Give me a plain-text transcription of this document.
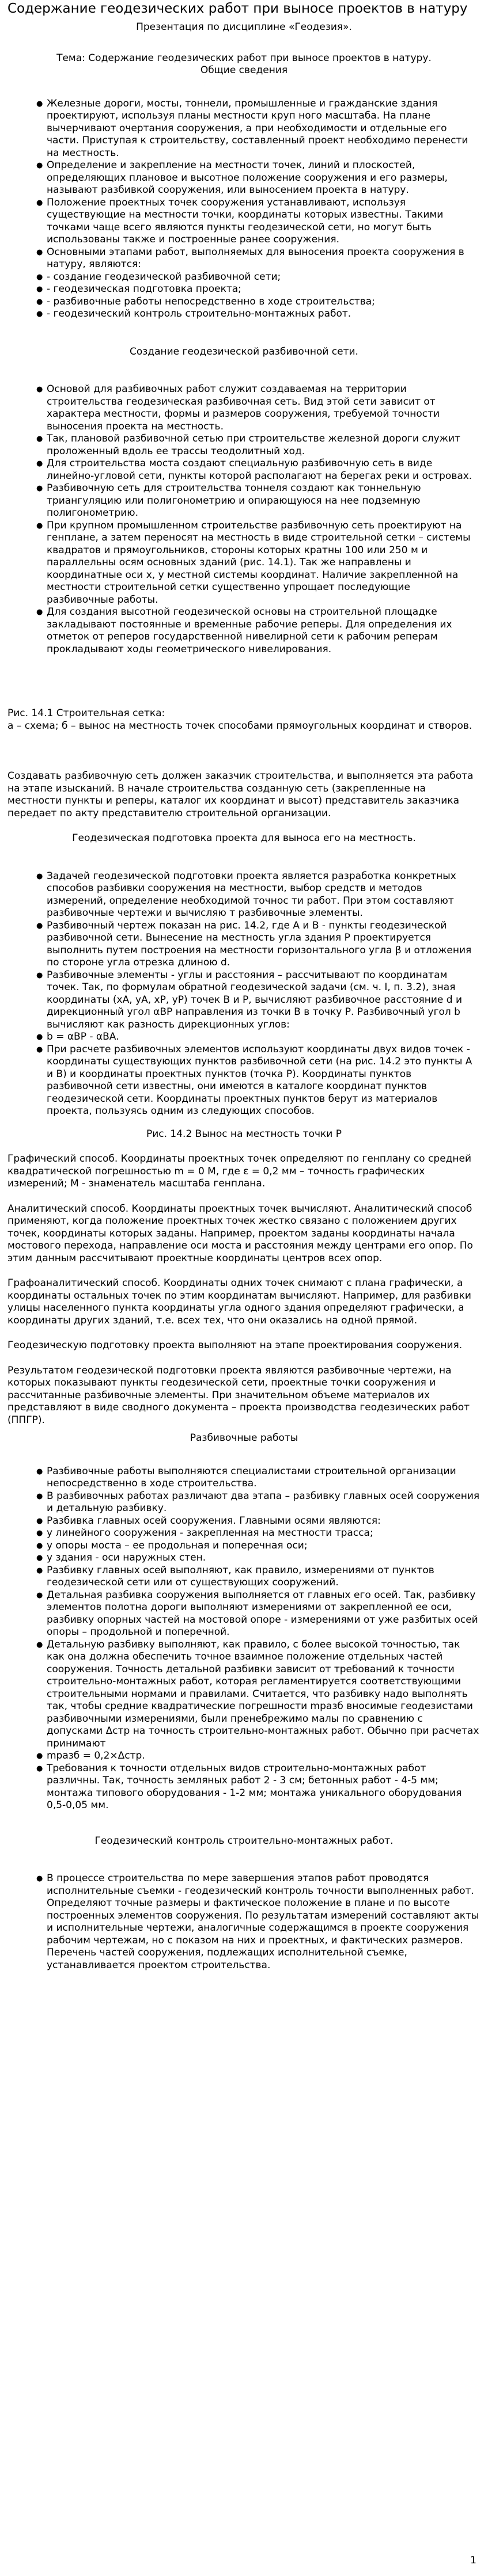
Содержание геодезических работ при выносе проектов в натуру

Презентация по дисциплине «Геодезия».

Тема: Содержание геодезических работ при выносе проектов в натуру.

Общие сведения

● Железные дороги, мосты, тоннели, промышленные и гражданские здания проектируют, используя планы местности круп ного масштаба. На плане вычерчивают очертания сооружения, а при необходимости и отдельные его части. Приступая к строительству, составленный проект необходимо перенести на местность.
● Определение и закрепление на местности точек, линий и плоскостей, определяющих плановое и высотное положение сооружения и его размеры, называют разбивкой сооружения, или выносением проекта в натуру.
● Положение проектных точек сооружения устанавливают, используя существующие на местности точки, координаты которых известны. Такими точками чаще всего являются пункты геодезической сети, но могут быть использованы также и построенные ранее сооружения.
● Основными этапами работ, выполняемых для выносения проекта сооружения в натуру, являются:
● - создание геодезической разбивочной сети;
● - геодезическая подготовка проекта;
● - разбивочные работы непосредственно в ходе строительства;
● - геодезический контроль строительно-монтажных работ.

Создание геодезической разбивочной сети.

● Основой для разбивочных работ служит создаваемая на территории строительства геодезическая разбивочная сеть. Вид этой сети зависит от характера местности, формы и размеров сооружения, требуемой точности выносения проекта на местность.
● Так, плановой разбивочной сетью при строительстве железной дороги служит проложенный вдоль ее трассы теодолитный ход.
● Для строительства моста создают специальную разбивочную сеть в виде линейно-угловой сети, пункты которой располагают на берегах реки и островах.
● Разбивочную сеть для строительства тоннеля создают как тоннельную триангуляцию или полигонометрию и опирающуюся на нее подземную полигонометрию.
● При крупном промышленном строительстве разбивочную сеть проектируют на генплане, а затем переносят на местность в виде строительной сетки – системы квадратов и прямоугольников, стороны которых кратны 100 или 250 м и параллельны осям основных зданий (рис. 14.1). Так же направлены и координатные оси x, у местной системы координат. Наличие закрепленной на местности строительной сетки существенно упрощает последующие разбивочные работы.
● Для создания высотной геодезической основы на строительной площадке закладывают постоянные и временные рабочие реперы. Для определения их отметок от реперов государственной нивелирной сети к рабочим реперам прокладывают ходы геометрического нивелирования.

Рис. 14.1 Строительная сетка:

а – схема; б – вынос на местность точек способами прямоугольных координат и створов.

Создавать разбивочную сеть должен заказчик строительства, и выполняется эта работа на этапе изысканий. В начале строительства созданную сеть (закрепленные на местности пункты и реперы, каталог их координат и высот) представитель заказчика передает по акту представителю строительной организации.

Геодезическая подготовка проекта для выноса его на местность.

● Задачей геодезической подготовки проекта является разработка конкретных способов разбивки сооружения на местности, выбор средств и методов измерений, определение необходимой точнос ти работ. При этом составляют разбивочные чертежи и вычисляю т разбивочные элементы.
● Разбивочный чертеж показан на рис. 14.2, где А и В - пункты геодезической разбивочной сети. Вынесение на местность угла здания Р проектируется выполнить путем построения на местности горизонтального угла β и отложения по стороне угла отрезка длиною d.
● Разбивочные элементы - углы и расстояния – рассчитывают по координатам точек. Так, по формулам обратной геодезической задачи (см. ч. I, п. 3.2), зная координаты (xA, yA, xP, yP) точек В и Р, вычисляют разбивочное расстояние d и дирекционный угол αBP направления из точки В в точку Р. Разбивочный угол b вычисляют как разность дирекционных углов:
● b = αBP - αBA.
● При расчете разбивочных элементов используют координаты двух видов точек - координаты существующих пунктов разбивочной сети (на рис. 14.2 это пункты А и В) и координаты проектных пунктов (точка Р). Координаты пунктов разбивочной сети известны, они имеются в каталоге координат пунктов геодезической сети. Координаты проектных пунктов берут из материалов проекта, пользуясь одним из следующих способов.

Рис. 14.2 Вынос на местность точки Р

Графический способ. Координаты проектных точек определяют по генплану со средней квадратической погрешностью m = 0 M, где ε = 0,2 мм – точность графических измерений; М - знаменатель масштаба генплана.

Аналитический способ. Координаты проектных точек вычисляют. Аналитический способ применяют, когда положение проектных точек жестко связано с положением других точек, координаты которых заданы. Например, проектом заданы координаты начала мостового перехода, направление оси моста и расстояния между центрами его опор. По этим данным рассчитывают проектные координаты центров всех опор.

Графоаналитический способ. Координаты одних точек снимают с плана графически, а координаты остальных точек по этим координатам вычисляют. Например, для разбивки улицы населенного пункта координаты угла одного здания определяют графически, а координаты других зданий, т.е. всех тех, что они оказались на одной прямой.

Геодезическую подготовку проекта выполняют на этапе проектирования сооружения.

Результатом геодезической подготовки проекта являются разбивочные чертежи, на которых показывают пункты геодезической сети, проектные точки сооружения и рассчитанные разбивочные элементы. При значительном объеме материалов их представляют в виде сводного документа – проекта производства геодезических работ (ППГР).

Разбивочные работы

● Разбивочные работы выполняются специалистами строительной организации непосредственно в ходе строительства.
● В разбивочных работах различают два этапа – разбивку главных осей сооружения и детальную разбивку.
● Разбивка главных осей сооружения. Главными осями являются:
● у линейного сооружения - закрепленная на местности трасса;
● у опоры моста – ее продольная и поперечная оси;
● у здания - оси наружных стен.
● Разбивку главных осей выполняют, как правило, измерениями от пунктов геодезической сети или от существующих сооружений.
● Детальная разбивка сооружения выполняется от главных его осей. Так, разбивку элементов полотна дороги выполняют измерениями от закрепленной ее оси, разбивку опорных частей на мостовой опоре - измерениями от уже разбитых осей опоры – продольной и поперечной.
● Детальную разбивку выполняют, как правило, с более высокой точностью, так как она должна обеспечить точное взаимное положение отдельных частей сооружения. Точность детальной разбивки зависит от требований к точности строительно-монтажных работ, которая регламентируется соответствующими строительными нормами и правилами. Считается, что разбивку надо выполнять так, чтобы средние квадратические погрешности mразб вносимые геодезистами разбивочными измерениями, были пренебрежимо малы по сравнению с допусками Δстр на точность строительно-монтажных работ. Обычно при расчетах принимают
● mразб = 0,2×Δстр.
● Требования к точности отдельных видов строительно-монтажных работ различны. Так, точность земляных работ 2 - 3 см; бетонных работ - 4-5 мм; монтажа типового оборудования - 1-2 мм; монтажа уникального оборудования 0,5-0,05 мм.

Геодезический контроль строительно-монтажных работ.

● В процессе строительства по мере завершения этапов работ проводятся исполнительные съемки - геодезический контроль точности выполненных работ. Определяют точные размеры и фактическое положение в плане и по высоте построенных элементов сооружения. По результатам измерений составляют акты и исполнительные чертежи, аналогичные содержащимся в проекте сооружения рабочим чертежам, но с показом на них и проектных, и фактических размеров. Перечень частей сооружения, подлежащих исполнительной съемке, устанавливается проектом строительства.
1
